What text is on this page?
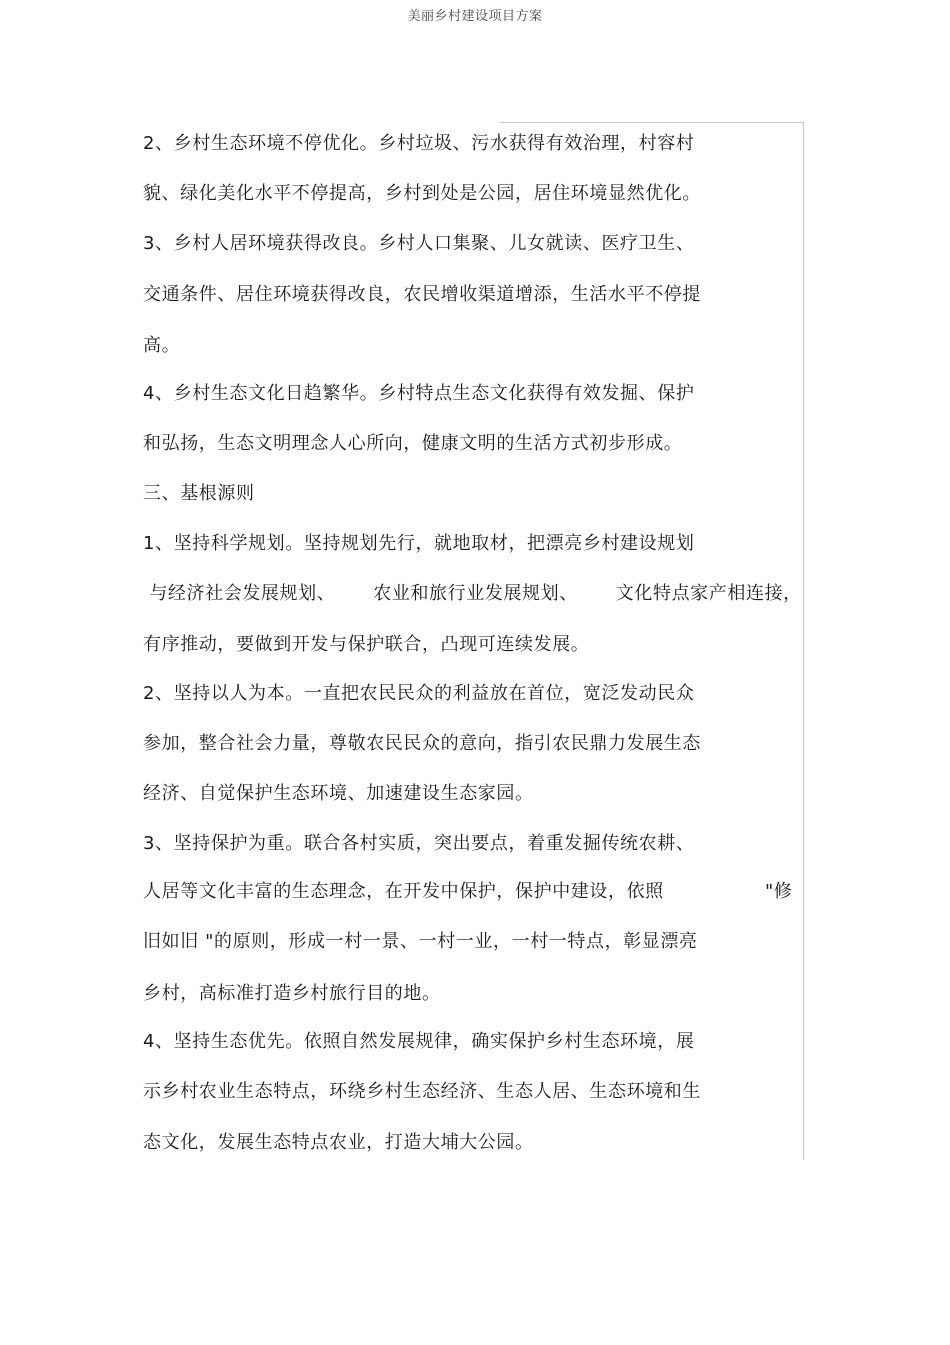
美丽乡村建设项目方案
2、乡村生态环境不停优化。乡村垃圾、污水获得有效治理，村容村
貌、绿化美化水平不停提高，乡村到处是公园，居住环境显然优化。
3、乡村人居环境获得改良。乡村人口集聚、儿女就读、医疗卫生、
交通条件、居住环境获得改良，农民增收渠道增添，生活水平不停提
高。
4、乡村生态文化日趋繁华。乡村特点生态文化获得有效发掘、保护
和弘扬，生态文明理念人心所向，健康文明的生活方式初步形成。
三、基根源则
1、坚持科学规划。坚持规划先行，就地取材，把漂亮乡村建设规划
与经济社会发展规划、      农业和旅行业发展规划、      文化特点家产相连接，
有序推动，要做到开发与保护联合，凸现可连续发展。
2、坚持以人为本。一直把农民民众的利益放在首位，宽泛发动民众
参加，整合社会力量，尊敬农民民众的意向，指引农民鼎力发展生态
经济、自觉保护生态环境、加速建设生态家园。
3、坚持保护为重。联合各村实质，突出要点，着重发掘传统农耕、
人居等文化丰富的生态理念，在开发中保护，保护中建设，依照                "修
旧如旧 "的原则，形成一村一景、一村一业，一村一特点，彰显漂亮
乡村，高标准打造乡村旅行目的地。
4、坚持生态优先。依照自然发展规律，确实保护乡村生态环境，展
示乡村农业生态特点，环绕乡村生态经济、生态人居、生态环境和生
态文化，发展生态特点农业，打造大埔大公园。
